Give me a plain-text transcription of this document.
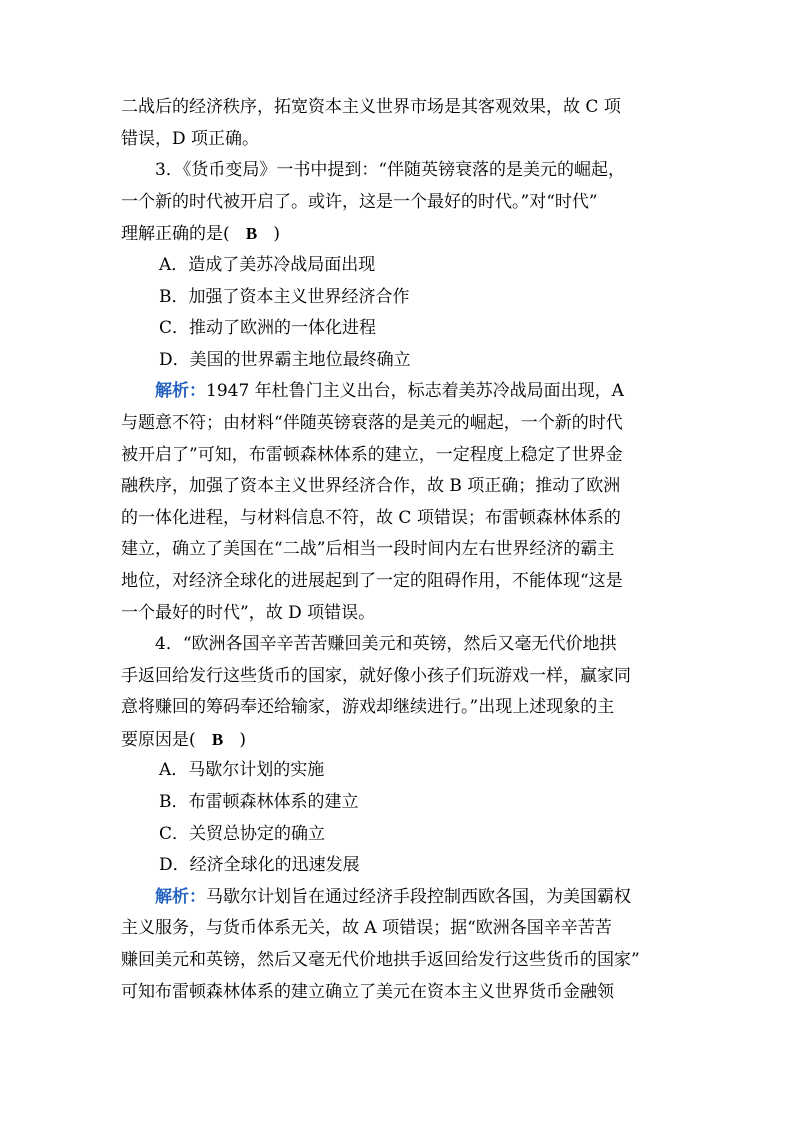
二战后的经济秩序，拓宽资本主义世界市场是其客观效果，故 C 项
错误，D 项正确。
3．《货币变局》一书中提到：“伴随英镑衰落的是美元的崛起，
一个新的时代被开启了。或许，这是一个最好的时代。”对“时代”
理解正确的是( B )
A．造成了美苏冷战局面出现
B．加强了资本主义世界经济合作
C．推动了欧洲的一体化进程
D．美国的世界霸主地位最终确立
解析：1947 年杜鲁门主义出台，标志着美苏冷战局面出现，A
与题意不符；由材料“伴随英镑衰落的是美元的崛起，一个新的时代
被开启了”可知，布雷顿森林体系的建立，一定程度上稳定了世界金
融秩序，加强了资本主义世界经济合作，故 B 项正确；推动了欧洲
的一体化进程，与材料信息不符，故 C 项错误；布雷顿森林体系的
建立，确立了美国在“二战”后相当一段时间内左右世界经济的霸主
地位，对经济全球化的进展起到了一定的阻碍作用，不能体现“这是
一个最好的时代”，故 D 项错误。
4．“欧洲各国辛辛苦苦赚回美元和英镑，然后又毫无代价地拱
手返回给发行这些货币的国家，就好像小孩子们玩游戏一样，赢家同
意将赚回的筹码奉还给输家，游戏却继续进行。”出现上述现象的主
要原因是( B )
A．马歇尔计划的实施
B．布雷顿森林体系的建立
C．关贸总协定的确立
D．经济全球化的迅速发展
解析：马歇尔计划旨在通过经济手段控制西欧各国，为美国霸权
主义服务，与货币体系无关，故 A 项错误；据“欧洲各国辛辛苦苦
赚回美元和英镑，然后又毫无代价地拱手返回给发行这些货币的国家”
可知布雷顿森林体系的建立确立了美元在资本主义世界货币金融领
